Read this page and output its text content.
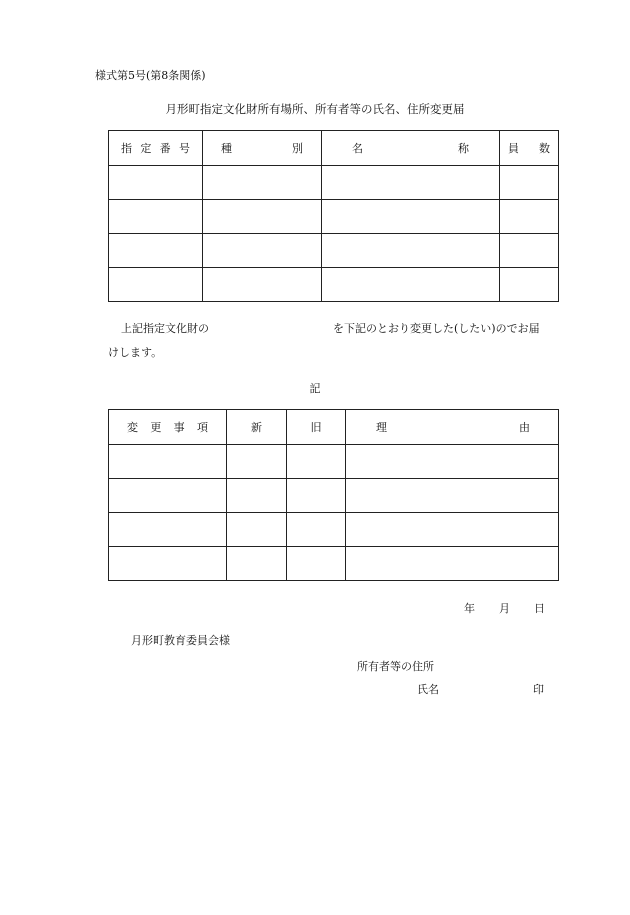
様式第5号(第8条関係)
月形町指定文化財所有場所、所有者等の氏名、住所変更届
指 定 番 号	種 別	名 称	員 数

上記指定文化財の	を下記のとおり変更した(したい)のでお届
けします。
記
変 更 事 項	新	旧	理 由

年 月 日
月形町教育委員会様
所有者等の住所
氏名	印
